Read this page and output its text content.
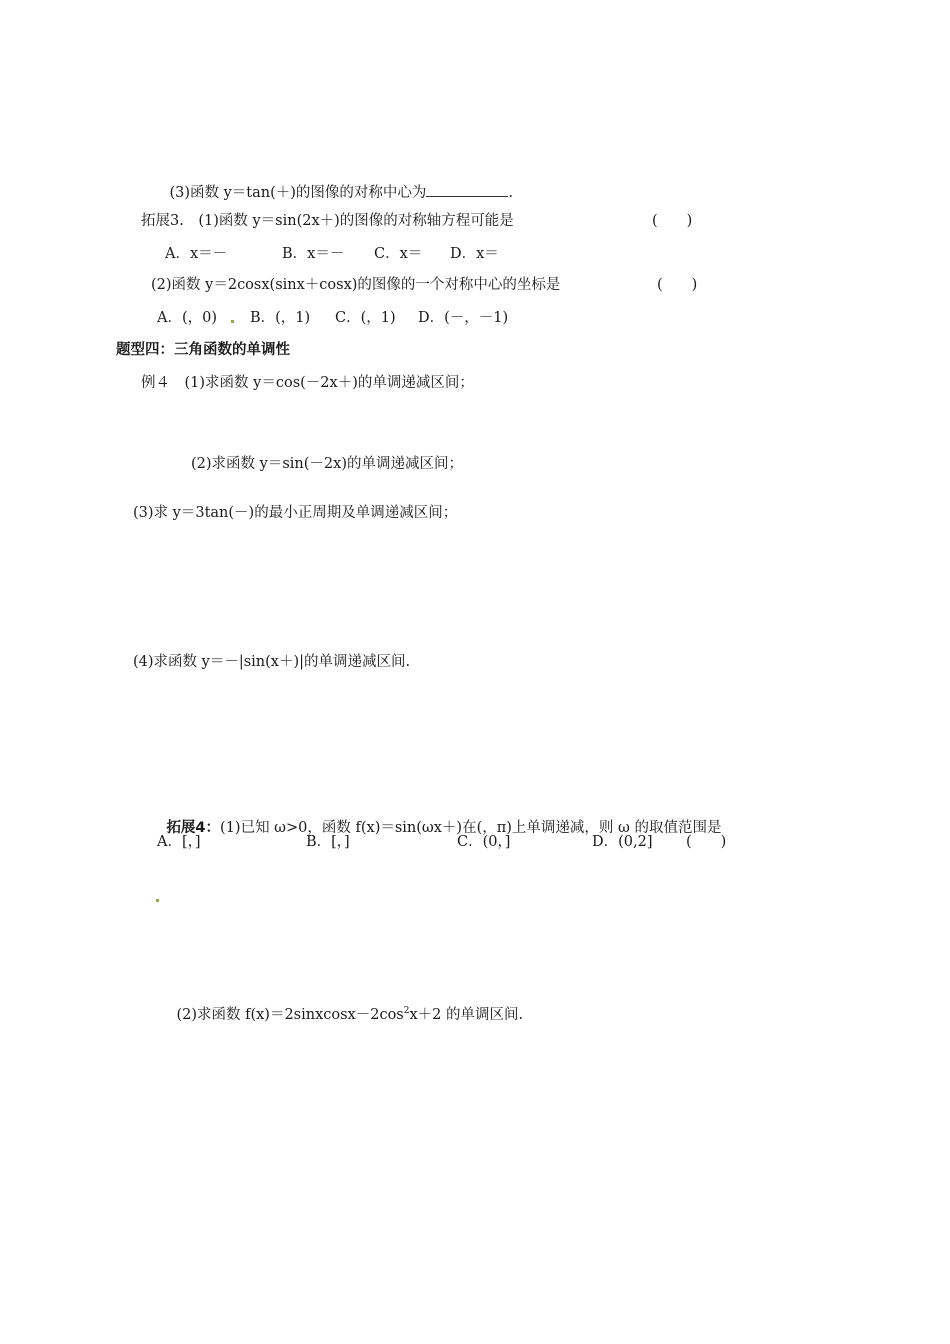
(3)函数 y＝tan(＋)的图像的对称中心为	.

拓展3.　(1)函数 y＝sin(2x＋)的图像的对称轴方程可能是	(　　)
A．x＝－	B．x＝－ C．x＝ D．x＝
(2)函数 y＝2cosx(sinx＋cosx)的图像的一个对称中心的坐标是	(　　)
A．(，0) B．(，1) C．(，1) D．(－，－1)
题型四：三角函数的单调性
例４　(1)求函数 y＝cos(－2x＋)的单调递减区间；
(2)求函数 y＝sin(－2x)的单调递减区间；
(3)求 y＝3tan(－)的最小正周期及单调递减区间；
(4)求函数 y＝－|sin(x＋)|的单调递减区间.

拓展4：(1)已知 ω>0，函数 f(x)＝sin(ωx＋)在(，π)上单调递减，则 ω 的取值范围是

A．[，]	B．[，]	C．(0，]	D．(0,2] (　　)

(2)求函数 $f(x)=2sinxcosx-2\cos^2x+2$ 的单调区间.
